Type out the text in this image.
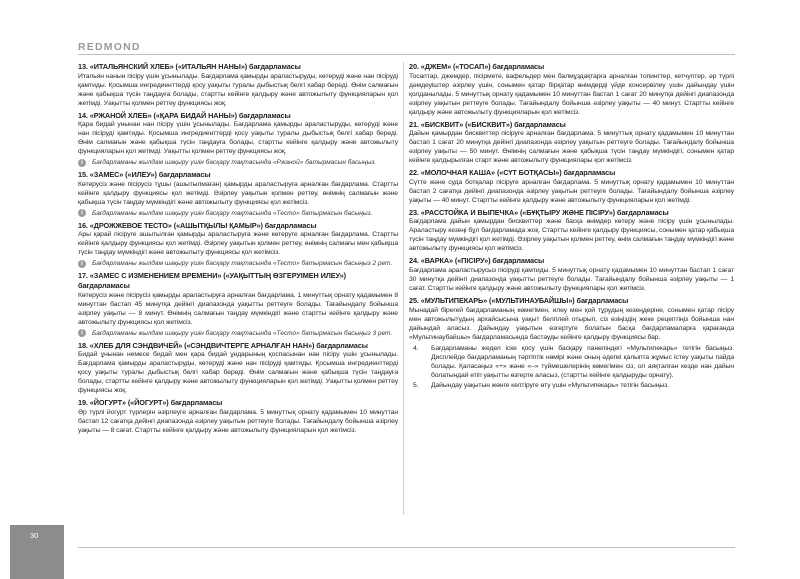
REDMOND
13. «ИТАЛЬЯНСКИЙ ХЛЕБ» («ИТАЛЬЯН НАНЫ») бағдарламасы

Итальян нанын пісіру үшін ұсынылады. Бағдарлама қамырды араластыруды, көтеруді және нан пісіруді қамтиды. Қосымша ингредиенттерді қосу уақыты туралы дыбыстық белгі хабар береді. Өнім салмағын және қабықша түсін таңдауға болады, стартты кейінге қалдыру және автожылыту функцияларын қол жетімді. Уақытты қолмен реттеу функциясы жоқ.

14. «РЖАНОЙ ХЛЕБ» («ҚАРА БИДАЙ НАНЫ») бағдарламасы

Қара бидай унынан нан пісіру үшін ұсынылады. Бағдарлама қамырды араластыруды, көтеруді және нан пісіруді қамтиды. Қосымша ингредиенттерді қосу уақыты туралы дыбыстық белгі хабар береді. Өнім салмағын және қабықша түсін таңдауға болады, стартты кейінге қалдыру және автожылыту функцияларын қол жетімді. Уақытты қолмен реттеу функциясы жоқ.

i	Бағдарламаны жылдам шақыру үшін басқару тақтасында «Ржаной» батырмасын басыңыз.
15. «ЗАМЕС» («ИЛЕУ») бағдарламасы

Көтерусіз және пісірусіз тұшы (ашытылмаған) қамырды араластыруға арналған бағдарлама. Стартты кейінге қалдыру функциясы қол жетімді. Әзірлеу уақытын қолмен реттеу, өнімнің салмағын және қабықша түсін таңдау мүмкіндігі және автожылыту функциясы қол жетімсіз.

i	Бағдарламаны жылдам шақыру үшін басқару тақтасында «Тесто» батырмасын басыңыз.
16. «ДРОЖЖЕВОЕ ТЕСТО» («АШЫТҚЫЛЫ ҚАМЫР») бағдарламасы

Ары қарай пісіруге ашытылған қамырды араластыруға және көтеруге арналған бағдарлама. Стартты кейінге қалдыру функциясы қол жетімді. Әзірлеу уақытын қолмен реттеу, өнімнің салмағы мен қабықша түсін таңдау мүмкіндігі және автожылыту функциясы қол жетімсіз.

i	Бағдарламаны жылдам шақыру үшін басқару тақтасында «Тесто» батырмасын басыңыз 2 рет.
17. «ЗАМЕС С ИЗМЕНЕНИЕМ ВРЕМЕНИ» («УАҚЫТТЫҢ ӨЗГЕРУІМЕН ИЛЕУ») бағдарламасы

Көтерусіз және пісірусіз қамырды араластыруға арналған бағдарлама. 1 минуттық орнату қадамымен 8 минуттан бастап 45 минутқа дейінгі диапазонда уақытты реттеуге болады. Тағайындалу бойынша әзірлеу уақыты — 8 минут. Өнімнің салмағын таңдау мүмкіндігі және стартты кейінге қалдыру және автожылыту функциясы қол жетімсіз.

i	Бағдарламаны жылдам шақыру үшін басқару тақтасында «Тесто» батырмасын басыңыз 3 рет.
18. «ХЛЕБ ДЛЯ СЭНДВИЧЕЙ» («СЭНДВИЧТЕРГЕ АРНАЛҒАН НАН») бағдарламасы

Бидай ұнынан немесе бидай мен қара бидай ұндарының қоспасынан нан пісіру үшін ұсынылады. Бағдарлама қамырды араластыруды, көтеруді және нан пісіруді қамтиды. Қосымша ингредиенттерді қосу уақыты туралы дыбыстық белгі хабар береді. Өнім салмағын және қабықша түсін таңдауға болады, стартты кейінге қалдыру және автожылыту функцияларын қол жетімді. Уақытты қолмен реттеу функциясы жоқ.

19. «ЙОГУРТ» («ЙОГУРТ») бағдарламасы

Әр түрлі йогурт түрлерін әзірлеуге арналған бағдарлама. 5 минуттық орнату қадамымен 10 минуттан бастап 12 сағатқа дейінгі диапазонда әзірлеу уақытын реттеуге болады. Тағайындалу бойынша әзірлеу уақыты — 8 сағат. Стартты кейінге қалдыру және автожылыту функцияларын қол жетімсіз.

20. «ДЖЕМ» («ТОСАП») бағдарламасы

Тосаптар, джемдер, пісірмете, вафельдер мен балмұздақтарға арналған топингтер, кетчуптер, әр түрлі дәмдеуіштер әзірлеу үшін, сонымен қатар бірқатар өнімдерді үйде консервілеу үшін дайындау үшін қолданылады. 5 минуттық орнату қадамымен 10 минуттан бастап 1 сағат 20 минутқа дейінгі диапазонда әзірлеу уақытын реттеуге болады. Тағайындалу бойынша әзірлеу уақыты — 40 минут. Стартты кейінге қалдыру және автожылыту функцияларын қол жетімсіз.

21. «БИСКВИТ» («БИСКВИТ») бағдарламасы

Дайын қамырдан бисквиттер пісіруге арналған бағдарлама. 5 минуттық орнату қадамымен 10 минуттан бастап 1 сағат 20 минутқа дейінгі диапазонда әзірлеу уақытын реттеуге болады. Тағайындалу бойынша әзірлеу уақыты — 50 минут. Өнімнің салмағын және қабықша түсін таңдау мүмкіндігі, сонымен қатар кейінге қалдырылған старт және автожылыту функциялары қол жетімсіз.

22. «МОЛОЧНАЯ КАША» («СҮТ БОТҚАСЫ») бағдарламасы

Сүтте және суда ботқалар пісіруге арналған бағдарлама. 5 минуттық орнату қадамымен 10 минуттан бастап 2 сағатқа дейінгі диапазонда әзірлеу уақытын реттеуге болады. Тағайындалу бойынша әзірлеу уақыты — 40 минут. Стартты кейінге қалдыру және автожылыту функцияларын қол жетімді.

23. «РАССТОЙКА И ВЫПЕЧКА» («БҰҚТЫРУ ЖӘНЕ ПІСІРУ») бағдарламасы

Бағдарлама дайын қамырдан бисквиттер және басқа өнімдер көтеру және пісіру үшін ұсынылады. Араластыру кезеңі бұл бағдарламада жоқ. Стартты кейінге қалдыру функциясы, сонымен қатар қабықша түсін таңдау мүмкіндігі қол жетімді. Әзірлеу уақытын қолмен реттеу, өнім салмағын таңдау мүмкіндігі және автожылыту функциясы қол жетімсіз.

24. «ВАРКА» («ПІСІРУ») бағдарламасы

Бағдарлама араластырусыз пісіруді қамтиды. 5 минуттық орнату қадамымен 10 минуттан бастап 1 сағат 30 минутқа дейінгі диапазонда уақытты реттеуге болады. Тағайындалу бойынша әзірлеу уақыты — 1 сағат. Стартты кейінге қалдыру және автожылыту функциялары қол жетімсіз.

25. «МУЛЬТИПЕКАРЬ» («МУЛЬТИНАУБАЙШЫ») бағдарламасы

Мынадай бірегей бағдарламаның көмегімен, илеу мен қой тұрудың кезеңдеріне, сонымен қатар пісіру мен автожылытудың архайсысына уақыт белгілей отырып, сіз өзіңіздің жеке рецептіңіз бойынша нан дайындай аласыз. Дайындау уақытын өзгертуге болатын басқа бағдарламаларға қарағанда «Мультинаубайшы» бағдарламасында бастауды кейінге қалдыру функциясы бар.

4.	Бағдарламаны жедел іске қосу үшін басқару панеліндегі «Мультипекарь» тетігін басыңыз. Дисплейде бағдарламаның тәртіптік нөмірі және оның әдепкі қалыпта жұмыс істеу уақыты пайда болады. Қаласаңыз «+» және «–» түймешелерінің көмегімен сіз, ол аяқталған кезде нан дайын болатындай етіп уақытты өзгерте аласыз, (стартты кейінге қалдыруды орнату).
5.	Дайындау уақытын жөнге келтіруге өту үшін «Мультипекарь» тетігін басыңыз.
30
